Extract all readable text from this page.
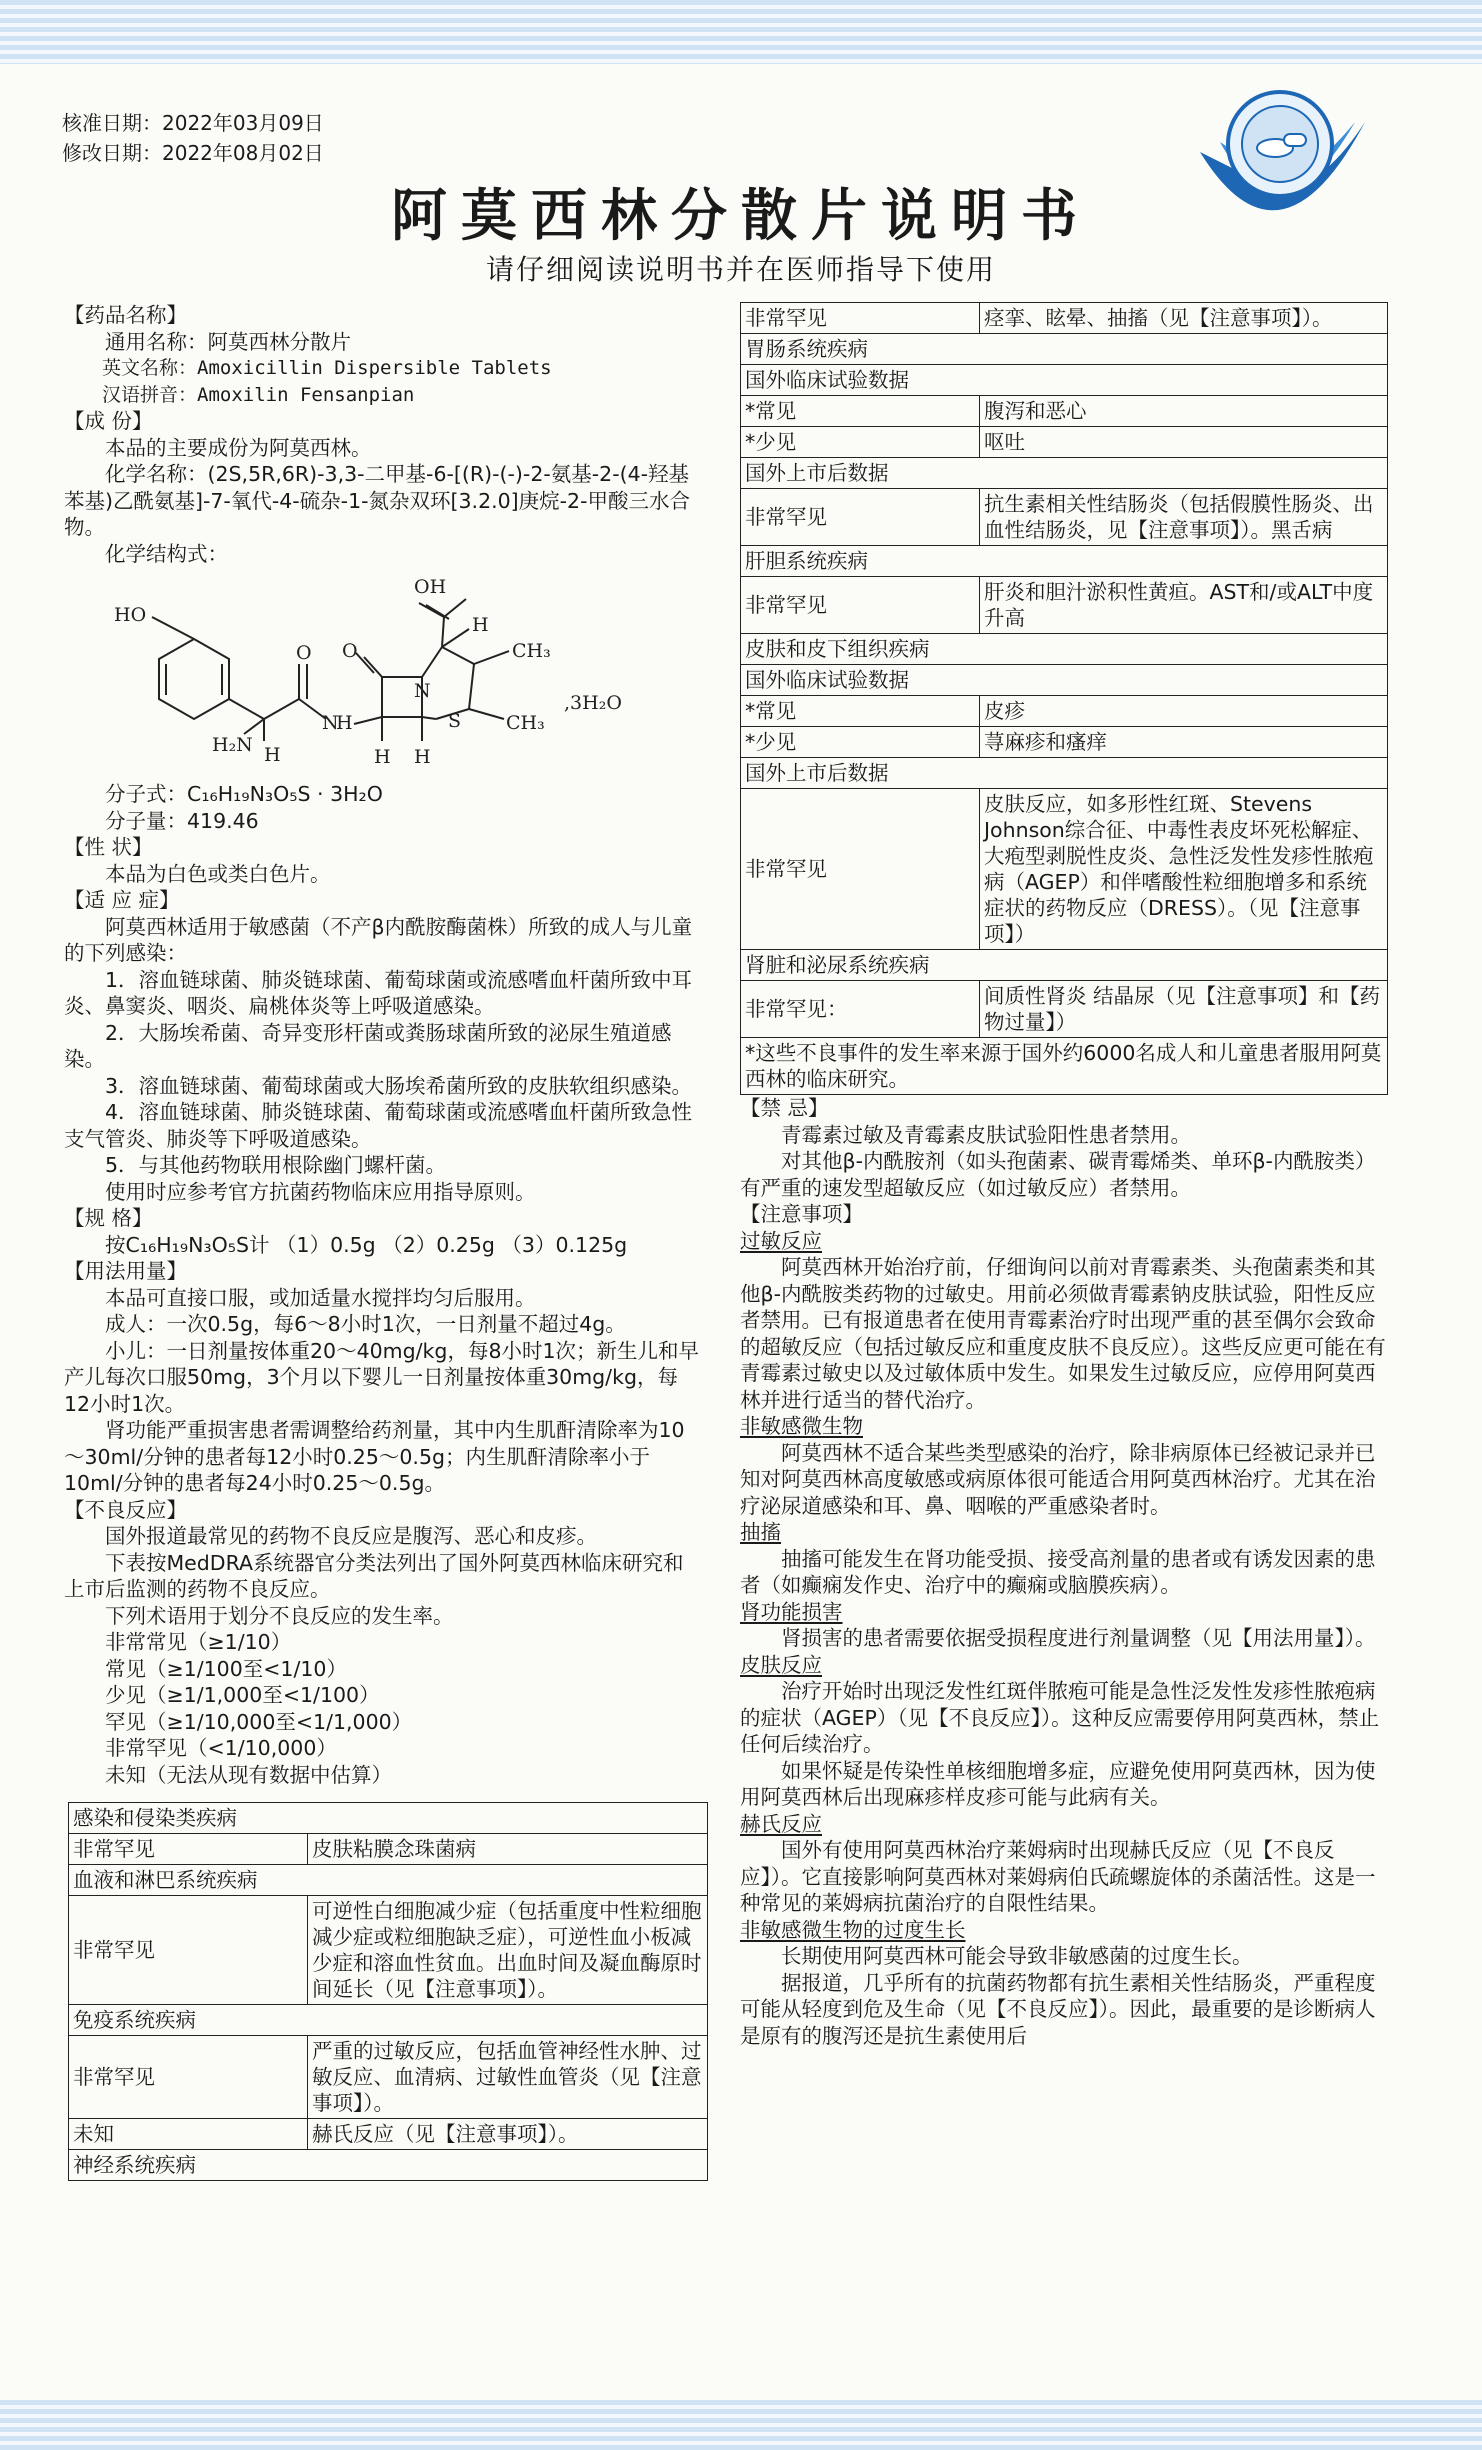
核准日期：2022年03月09日
修改日期：2022年08月02日
阿莫西林分散片说明书
请仔细阅读说明书并在医师指导下使用

【药品名称】

通用名称：阿莫西林分散片

英文名称：Amoxicillin Dispersible Tablets

汉语拼音：Amoxilin Fensanpian

【成 份】

本品的主要成份为阿莫西林。

化学名称：(2S,5R,6R)-3,3-二甲基-6-[(R)-(-)-2-氨基-2-(4-羟基苯基)乙酰氨基]-7-氧代-4-硫杂-1-氮杂双环[3.2.0]庚烷-2-甲酸三水合物。

化学结构式：

OH
HO
O
O
N
H
N
S
CH₃
CH₃
H
H H
H
H₂N
,3H₂O

分子式：C₁₆H₁₉N₃O₅S · 3H₂O

分子量：419.46

【性 状】

本品为白色或类白色片。

【适 应 症】

阿莫西林适用于敏感菌（不产β内酰胺酶菌株）所致的成人与儿童的下列感染：

1．溶血链球菌、肺炎链球菌、葡萄球菌或流感嗜血杆菌所致中耳炎、鼻窦炎、咽炎、扁桃体炎等上呼吸道感染。

2．大肠埃希菌、奇异变形杆菌或粪肠球菌所致的泌尿生殖道感染。

3．溶血链球菌、葡萄球菌或大肠埃希菌所致的皮肤软组织感染。

4．溶血链球菌、肺炎链球菌、葡萄球菌或流感嗜血杆菌所致急性支气管炎、肺炎等下呼吸道感染。

5．与其他药物联用根除幽门螺杆菌。

使用时应参考官方抗菌药物临床应用指导原则。

【规 格】

按C₁₆H₁₉N₃O₅S计 （1）0.5g （2）0.25g （3）0.125g

【用法用量】

本品可直接口服，或加适量水搅拌均匀后服用。

成人：一次0.5g，每6～8小时1次，一日剂量不超过4g。

小儿：一日剂量按体重20～40mg/kg，每8小时1次；新生儿和早产儿每次口服50mg，3个月以下婴儿一日剂量按体重30mg/kg，每12小时1次。

肾功能严重损害患者需调整给药剂量，其中内生肌酐清除率为10～30ml/分钟的患者每12小时0.25～0.5g；内生肌酐清除率小于10ml/分钟的患者每24小时0.25～0.5g。

【不良反应】

国外报道最常见的药物不良反应是腹泻、恶心和皮疹。

下表按MedDRA系统器官分类法列出了国外阿莫西林临床研究和上市后监测的药物不良反应。

下列术语用于划分不良反应的发生率。

非常常见（≥1/10）

常见（≥1/100至<1/10）

少见（≥1/1,000至<1/100）

罕见（≥1/10,000至<1/1,000）

非常罕见（<1/10,000）

未知（无法从现有数据中估算）

感染和侵染类疾病	
非常罕见	皮肤粘膜念珠菌病
血液和淋巴系统疾病	
非常罕见	可逆性白细胞减少症（包括重度中性粒细胞减少症或粒细胞缺乏症），可逆性血小板减少症和溶血性贫血。出血时间及凝血酶原时间延长（见【注意事项】）。
免疫系统疾病	
非常罕见	严重的过敏反应，包括血管神经性水肿、过敏反应、血清病、过敏性血管炎（见【注意事项】）。
未知	赫氏反应（见【注意事项】）。
神经系统疾病	
非常罕见	痉挛、眩晕、抽搐（见【注意事项】）。
胃肠系统疾病	
国外临床试验数据	
*常见	腹泻和恶心
*少见	呕吐
国外上市后数据	
非常罕见	抗生素相关性结肠炎（包括假膜性肠炎、出血性结肠炎，见【注意事项】）。黑舌病
肝胆系统疾病	
非常罕见	肝炎和胆汁淤积性黄疸。AST和/或ALT中度升高
皮肤和皮下组织疾病	
国外临床试验数据	
*常见	皮疹
*少见	荨麻疹和瘙痒
国外上市后数据	
非常罕见	皮肤反应，如多形性红斑、Stevens Johnson综合征、中毒性表皮坏死松解症、大疱型剥脱性皮炎、急性泛发性发疹性脓疱病（AGEP）和伴嗜酸性粒细胞增多和系统症状的药物反应（DRESS）。（见【注意事项】）
肾脏和泌尿系统疾病	
非常罕见：	间质性肾炎 结晶尿（见【注意事项】和【药物过量】）
*这些不良事件的发生率来源于国外约6000名成人和儿童患者服用阿莫西林的临床研究。	

【禁 忌】

青霉素过敏及青霉素皮肤试验阳性患者禁用。

对其他β-内酰胺剂（如头孢菌素、碳青霉烯类、单环β-内酰胺类）有严重的速发型超敏反应（如过敏反应）者禁用。

【注意事项】

过敏反应

阿莫西林开始治疗前，仔细询问以前对青霉素类、头孢菌素类和其他β-内酰胺类药物的过敏史。用前必须做青霉素钠皮肤试验，阳性反应者禁用。已有报道患者在使用青霉素治疗时出现严重的甚至偶尔会致命的超敏反应（包括过敏反应和重度皮肤不良反应）。这些反应更可能在有青霉素过敏史以及过敏体质中发生。如果发生过敏反应，应停用阿莫西林并进行适当的替代治疗。

非敏感微生物

阿莫西林不适合某些类型感染的治疗，除非病原体已经被记录并已知对阿莫西林高度敏感或病原体很可能适合用阿莫西林治疗。尤其在治疗泌尿道感染和耳、鼻、咽喉的严重感染者时。

抽搐

抽搐可能发生在肾功能受损、接受高剂量的患者或有诱发因素的患者（如癫痫发作史、治疗中的癫痫或脑膜疾病）。

肾功能损害

肾损害的患者需要依据受损程度进行剂量调整（见【用法用量】）。

皮肤反应

治疗开始时出现泛发性红斑伴脓疱可能是急性泛发性发疹性脓疱病的症状（AGEP）（见【不良反应】）。这种反应需要停用阿莫西林，禁止任何后续治疗。

如果怀疑是传染性单核细胞增多症，应避免使用阿莫西林，因为使用阿莫西林后出现麻疹样皮疹可能与此病有关。

赫氏反应

国外有使用阿莫西林治疗莱姆病时出现赫氏反应（见【不良反应】）。它直接影响阿莫西林对莱姆病伯氏疏螺旋体的杀菌活性。这是一种常见的莱姆病抗菌治疗的自限性结果。

非敏感微生物的过度生长

长期使用阿莫西林可能会导致非敏感菌的过度生长。

据报道，几乎所有的抗菌药物都有抗生素相关性结肠炎，严重程度可能从轻度到危及生命（见【不良反应】）。因此，最重要的是诊断病人是原有的腹泻还是抗生素使用后
